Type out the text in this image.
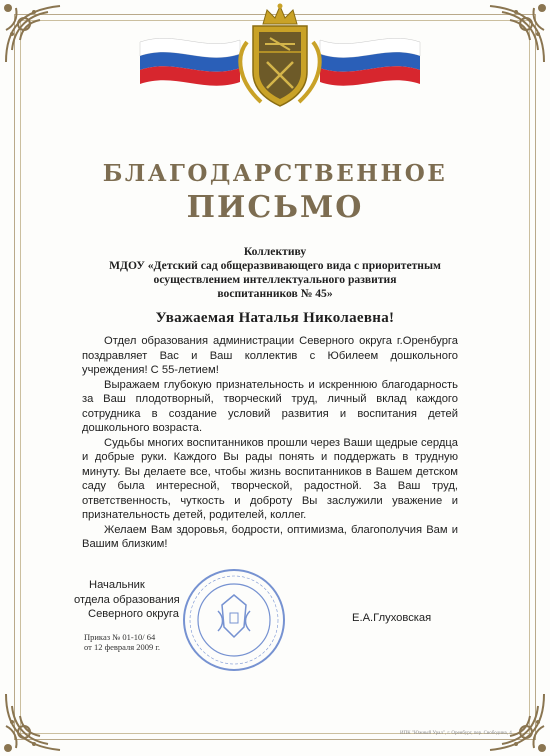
БЛАГОДАРСТВЕННОЕ
ПИСЬМО
Коллективу
МДОУ «Детский сад общеразвивающего вида с приоритетным
осуществлением интеллектуального развития
воспитанников № 45»
Уважаемая Наталья Николаевна!

Отдел образования администрации Северного округа г.Оренбурга поздравляет Вас и Ваш коллектив с Юбилеем дошкольного учреждения! С 55-летием!

Выражаем глубокую признательность и искреннюю благодарность за Ваш плодотворный, творческий труд, личный вклад каждого сотрудника в создание условий развития и воспитания детей дошкольного возраста.

Судьбы многих воспитанников прошли через Ваши щедрые сердца и добрые руки. Каждого Вы рады понять и поддержать в трудную минуту. Вы делаете все, чтобы жизнь воспитанников в Вашем детском саду была интересной, творческой, радостной. За Ваш труд, ответственность, чуткость и доброту Вы заслужили уважение и признательность детей, родителей, коллег.

Желаем Вам здоровья, бодрости, оптимизма, благополучия Вам и Вашим близким!

Начальник
отдела образования
Северного округа	Е.А.Глуховская
Приказ № 01-10/ 64
от 12 февраля 2009 г.
ИПК "Южный Урал", г. Оренбург, пер. Свободина, 4
